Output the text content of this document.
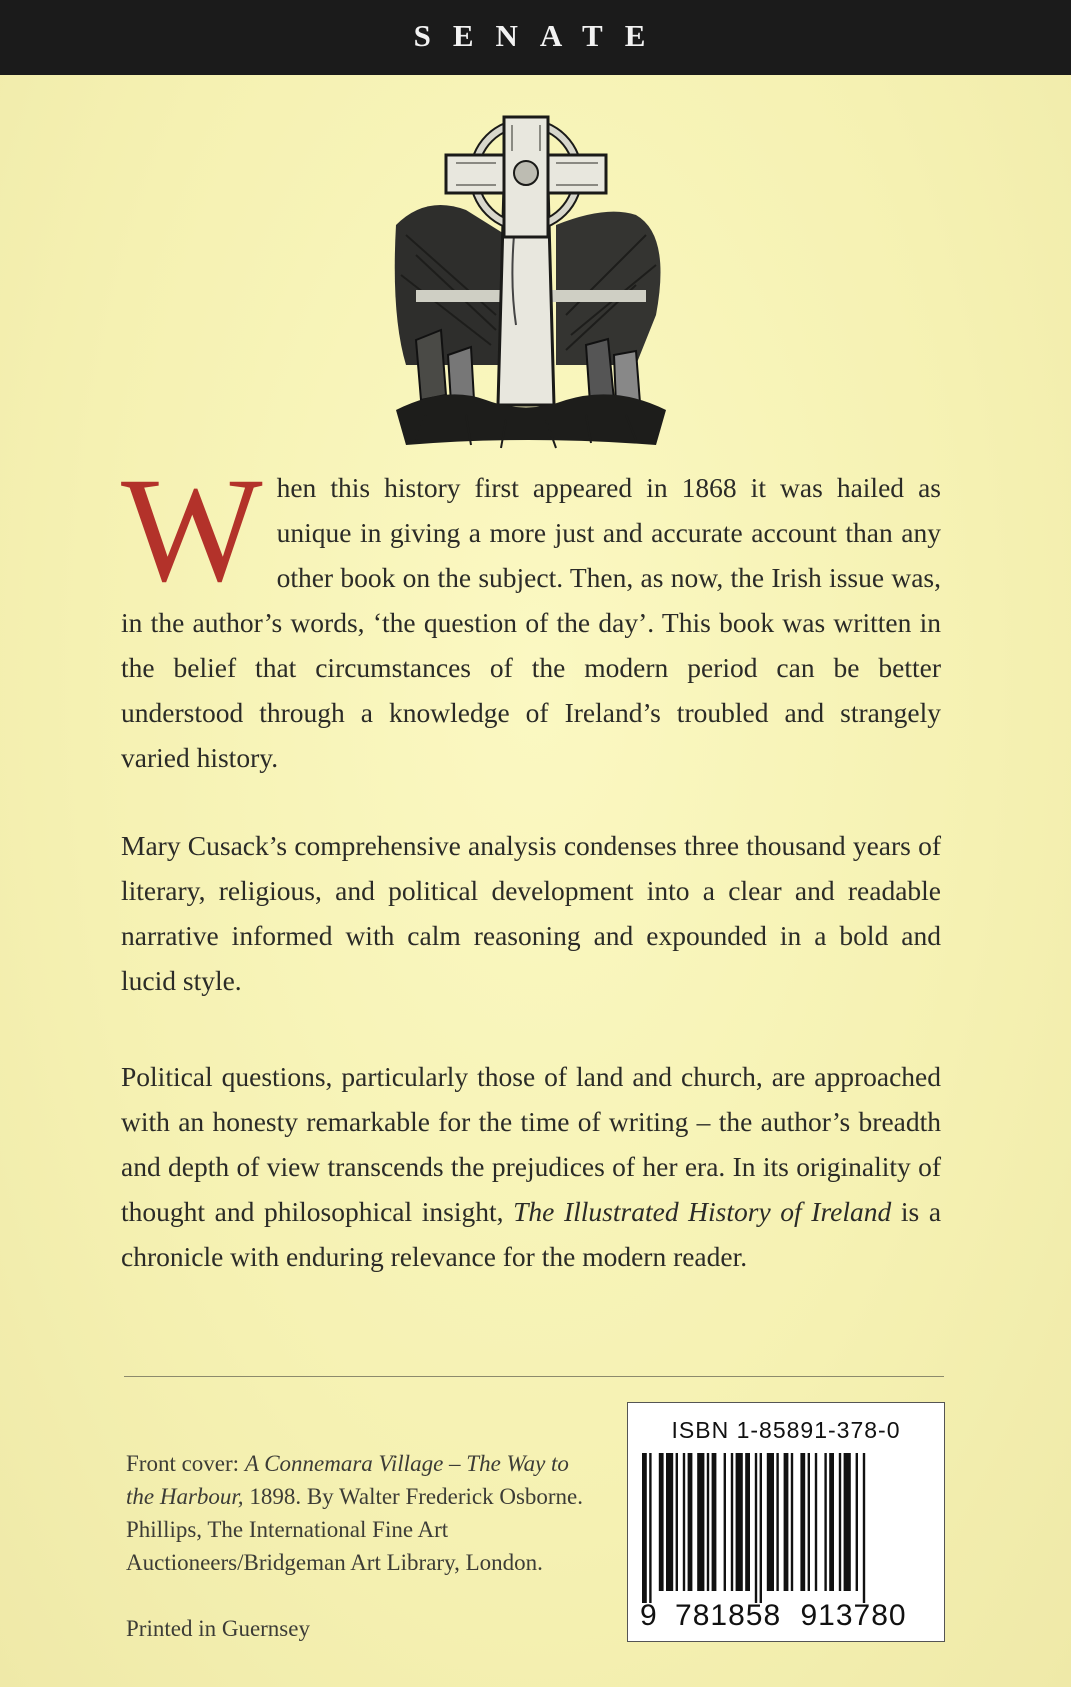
SENATE
When this history first appeared in 1868 it was hailed as unique in giving a more just and accurate account than any other book on the subject. Then, as now, the Irish issue was, in the author’s words, ‘the question of the day’. This book was written in the belief that circumstances of the modern period can be better understood through a knowledge of Ireland’s troubled and strangely varied history.
Mary Cusack’s comprehensive analysis condenses three thousand years of literary, religious, and political development into a clear and readable narrative informed with calm reasoning and expounded in a bold and lucid style.
Political questions, particularly those of land and church, are approached with an honesty remarkable for the time of writing – the author’s breadth and depth of view transcends the prejudices of her era. In its originality of thought and philosophical insight, The Illustrated History of Ireland is a chronicle with enduring relevance for the modern reader.
Front cover: A Connemara Village – The Way to the Harbour, 1898. By Walter Frederick Osborne. Phillips, The International Fine Art Auctioneers/Bridgeman Art Library, London.
Printed in Guernsey
ISBN 1-85891-378-0
9 781858 913780
